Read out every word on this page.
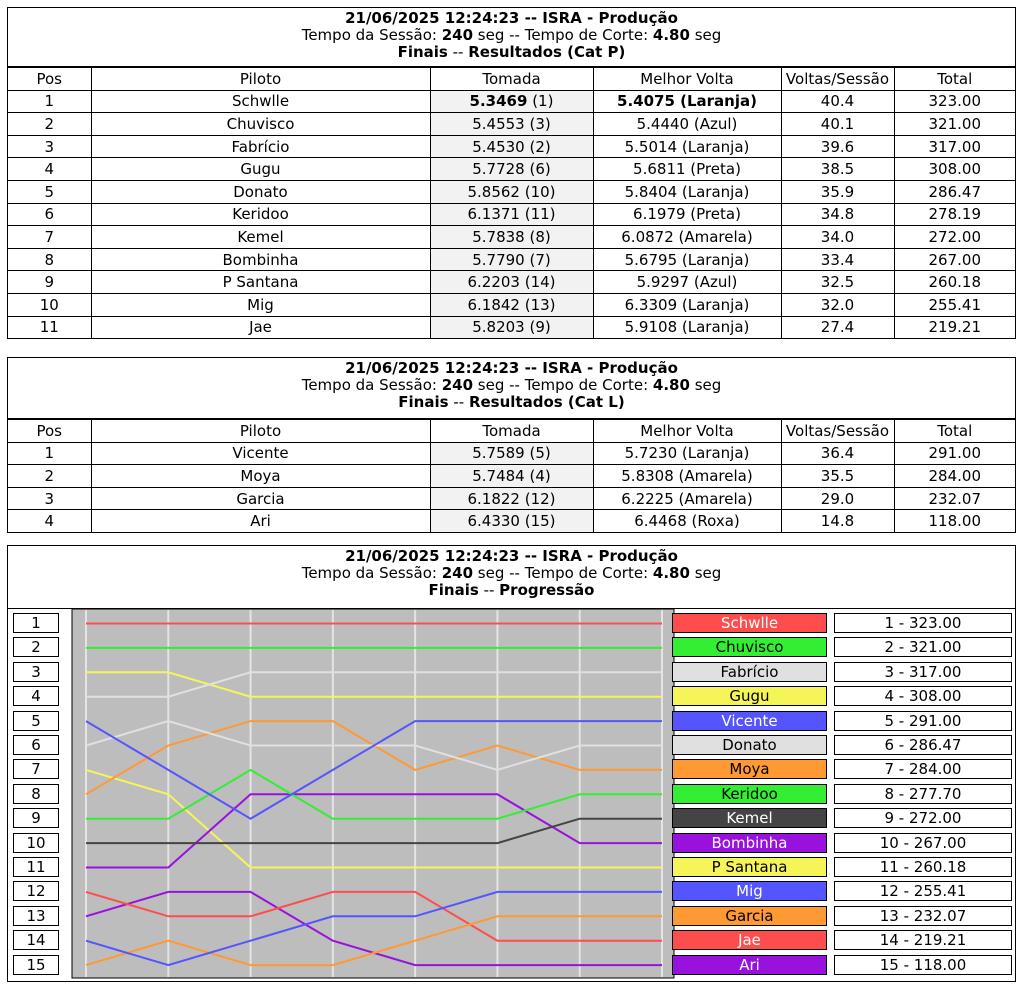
21/06/2025 12:24:23 -- ISRA - Produção
Tempo da Sessão: 240 seg -- Tempo de Corte: 4.80 seg
Finais -- Resultados (Cat P)
Pos	Piloto	Tomada	Melhor Volta	Voltas/Sessão	Total
1	Schwlle	5.3469 (1)	5.4075 (Laranja)	40.4	323.00
2	Chuvisco	5.4553 (3)	5.4440 (Azul)	40.1	321.00
3	Fabrício	5.4530 (2)	5.5014 (Laranja)	39.6	317.00
4	Gugu	5.7728 (6)	5.6811 (Preta)	38.5	308.00
5	Donato	5.8562 (10)	5.8404 (Laranja)	35.9	286.47
6	Keridoo	6.1371 (11)	6.1979 (Preta)	34.8	278.19
7	Kemel	5.7838 (8)	6.0872 (Amarela)	34.0	272.00
8	Bombinha	5.7790 (7)	5.6795 (Laranja)	33.4	267.00
9	P Santana	6.2203 (14)	5.9297 (Azul)	32.5	260.18
10	Mig	6.1842 (13)	6.3309 (Laranja)	32.0	255.41
11	Jae	5.8203 (9)	5.9108 (Laranja)	27.4	219.21
21/06/2025 12:24:23 -- ISRA - Produção
Tempo da Sessão: 240 seg -- Tempo de Corte: 4.80 seg
Finais -- Resultados (Cat L)
Pos	Piloto	Tomada	Melhor Volta	Voltas/Sessão	Total
1	Vicente	5.7589 (5)	5.7230 (Laranja)	36.4	291.00
2	Moya	5.7484 (4)	5.8308 (Amarela)	35.5	284.00
3	Garcia	6.1822 (12)	6.2225 (Amarela)	29.0	232.07
4	Ari	6.4330 (15)	6.4468 (Roxa)	14.8	118.00
21/06/2025 12:24:23 -- ISRA - Produção
Tempo da Sessão: 240 seg -- Tempo de Corte: 4.80 seg
Finais -- Progressão
1
2
3
4
5
6
7
8
9
10
11
12
13
14
15
Schwlle	1 - 323.00
Chuvisco	2 - 321.00
Fabrício	3 - 317.00
Gugu	4 - 308.00
Vicente	5 - 291.00
Donato	6 - 286.47
Moya	7 - 284.00
Keridoo	8 - 277.70
Kemel	9 - 272.00
Bombinha	10 - 267.00
P Santana	11 - 260.18
Mig	12 - 255.41
Garcia	13 - 232.07
Jae	14 - 219.21
Ari	15 - 118.00
